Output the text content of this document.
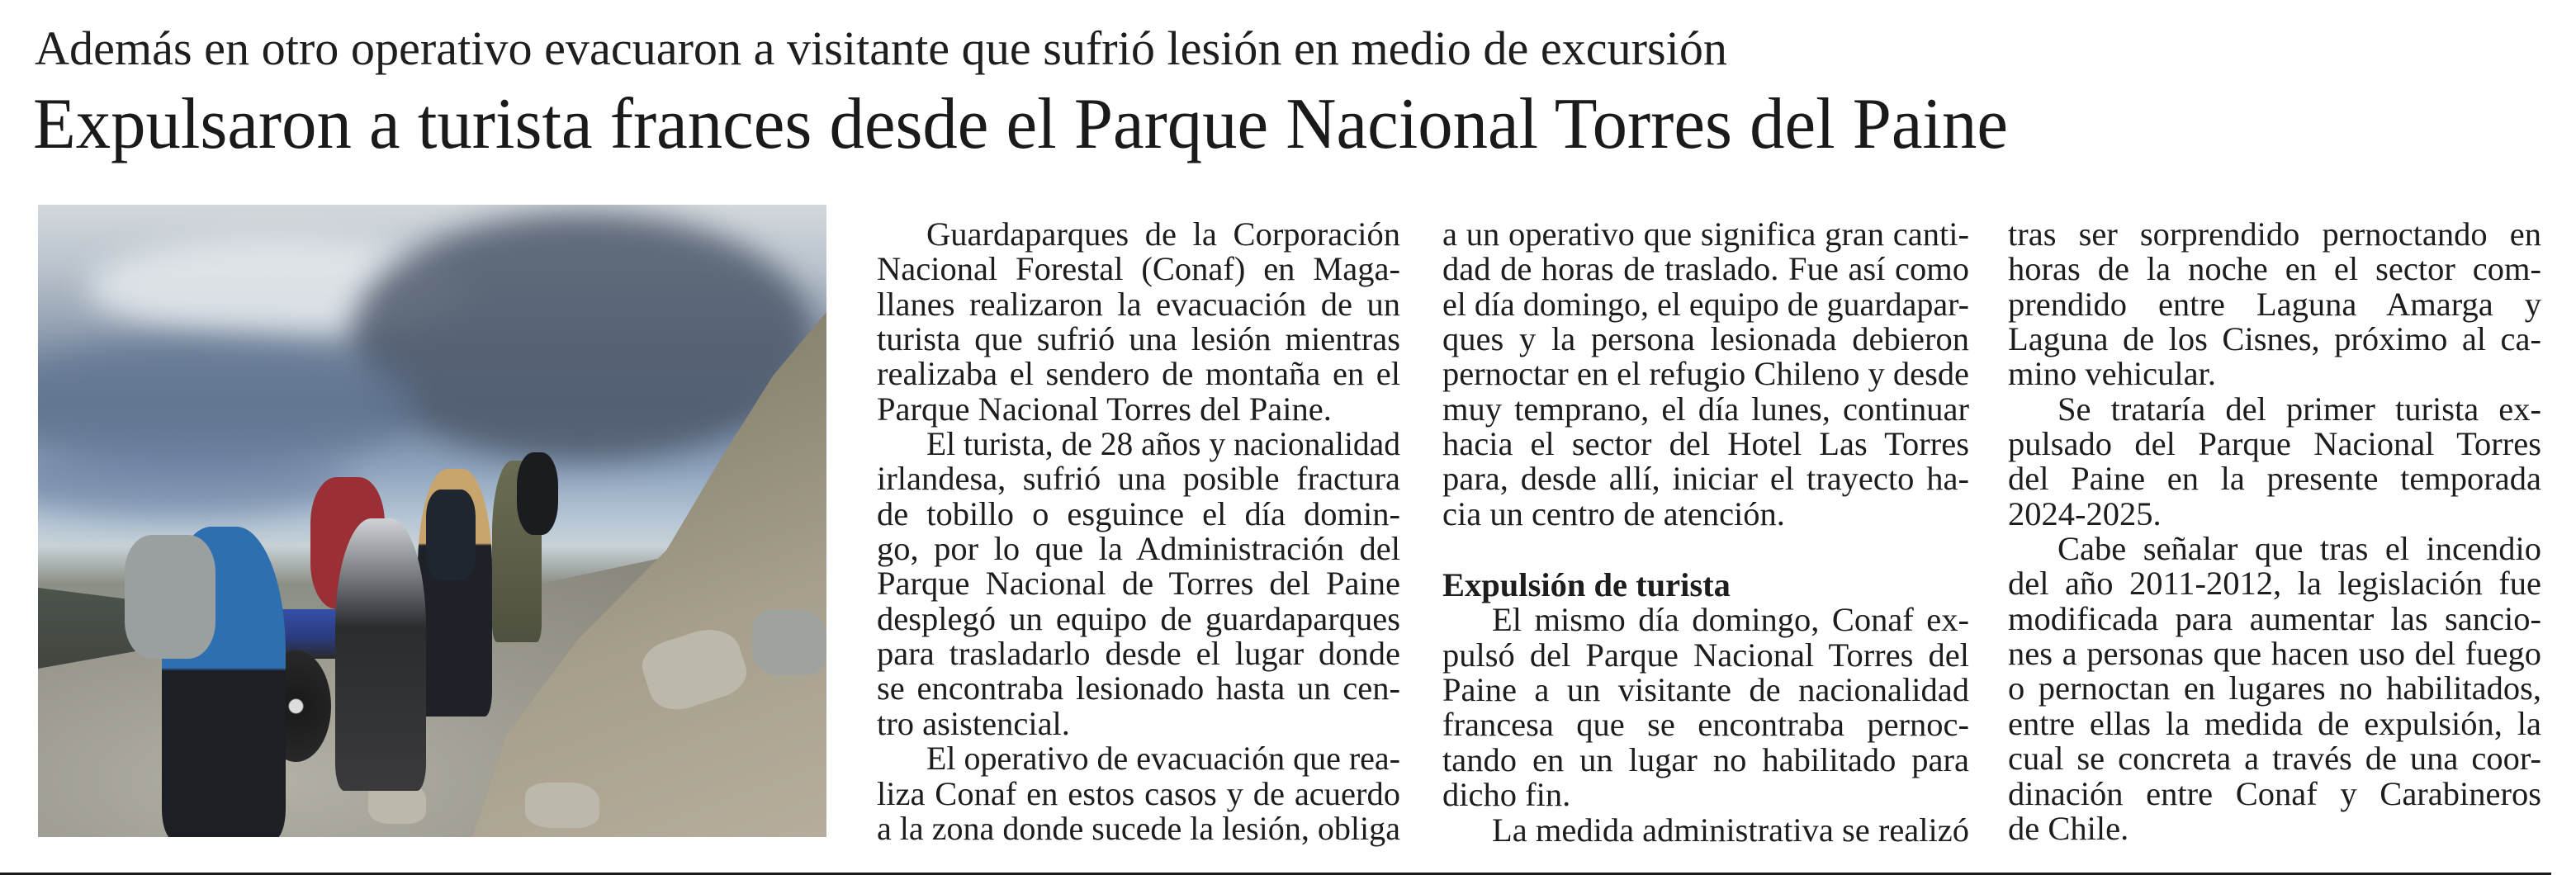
Además en otro operativo evacuaron a visitante que sufrió lesión en medio de excursión
Expulsaron a turista frances desde el Parque Nacional Torres del Paine
Guardaparques de la Corporación
Nacional Forestal (Conaf) en Maga-
llanes realizaron la evacuación de un
turista que sufrió una lesión mientras
realizaba el sendero de montaña en el
Parque Nacional Torres del Paine.
El turista, de 28 años y nacionalidad
irlandesa, sufrió una posible fractura
de tobillo o esguince el día domin-
go, por lo que la Administración del
Parque Nacional de Torres del Paine
desplegó un equipo de guardaparques
para trasladarlo desde el lugar donde
se encontraba lesionado hasta un cen-
tro asistencial.
El operativo de evacuación que rea-
liza Conaf en estos casos y de acuerdo
a la zona donde sucede la lesión, obliga
a un operativo que significa gran canti-
dad de horas de traslado. Fue así como
el día domingo, el equipo de guardapar-
ques y la persona lesionada debieron
pernoctar en el refugio Chileno y desde
muy temprano, el día lunes, continuar
hacia el sector del Hotel Las Torres
para, desde allí, iniciar el trayecto ha-
cia un centro de atención.
Expulsión de turista
El mismo día domingo, Conaf ex-
pulsó del Parque Nacional Torres del
Paine a un visitante de nacionalidad
francesa que se encontraba pernoc-
tando en un lugar no habilitado para
dicho fin.
La medida administrativa se realizó
tras ser sorprendido pernoctando en
horas de la noche en el sector com-
prendido entre Laguna Amarga y
Laguna de los Cisnes, próximo al ca-
mino vehicular.
Se trataría del primer turista ex-
pulsado del Parque Nacional Torres
del Paine en la presente temporada
2024-2025.
Cabe señalar que tras el incendio
del año 2011-2012, la legislación fue
modificada para aumentar las sancio-
nes a personas que hacen uso del fuego
o pernoctan en lugares no habilitados,
entre ellas la medida de expulsión, la
cual se concreta a través de una coor-
dinación entre Conaf y Carabineros
de Chile.
